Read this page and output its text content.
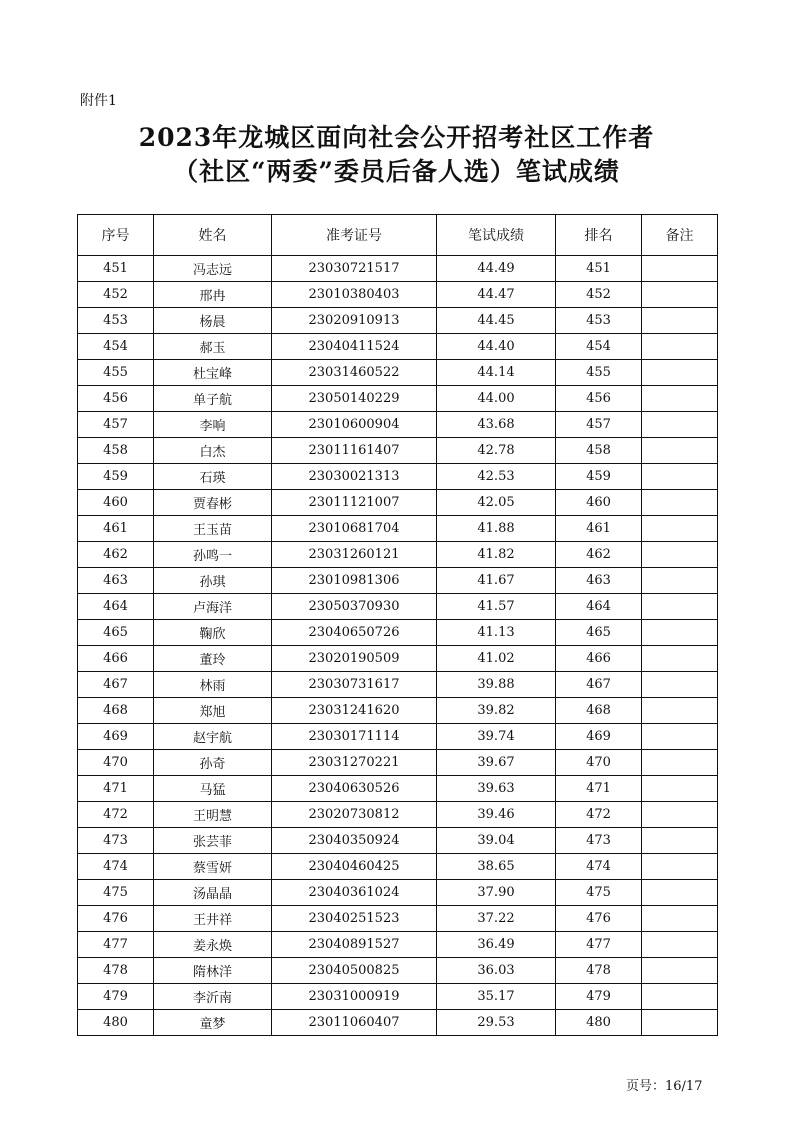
附件1
2023年龙城区面向社会公开招考社区工作者
（社区“两委”委员后备人选）笔试成绩
序号	姓名	准考证号	笔试成绩	排名	备注
451	冯志远	23030721517	44.49	451	
452	邢冉	23010380403	44.47	452	
453	杨晨	23020910913	44.45	453	
454	郝玉	23040411524	44.40	454	
455	杜宝峰	23031460522	44.14	455	
456	单子航	23050140229	44.00	456	
457	李响	23010600904	43.68	457	
458	白杰	23011161407	42.78	458	
459	石瑛	23030021313	42.53	459	
460	贾春彬	23011121007	42.05	460	
461	王玉苗	23010681704	41.88	461	
462	孙鸣一	23031260121	41.82	462	
463	孙琪	23010981306	41.67	463	
464	卢海洋	23050370930	41.57	464	
465	鞠欣	23040650726	41.13	465	
466	董玲	23020190509	41.02	466	
467	林雨	23030731617	39.88	467	
468	郑旭	23031241620	39.82	468	
469	赵宇航	23030171114	39.74	469	
470	孙奇	23031270221	39.67	470	
471	马猛	23040630526	39.63	471	
472	王明慧	23020730812	39.46	472	
473	张芸菲	23040350924	39.04	473	
474	蔡雪妍	23040460425	38.65	474	
475	汤晶晶	23040361024	37.90	475	
476	王井祥	23040251523	37.22	476	
477	姜永焕	23040891527	36.49	477	
478	隋林洋	23040500825	36.03	478	
479	李沂南	23031000919	35.17	479	
480	童梦	23011060407	29.53	480	
页号：16/17
